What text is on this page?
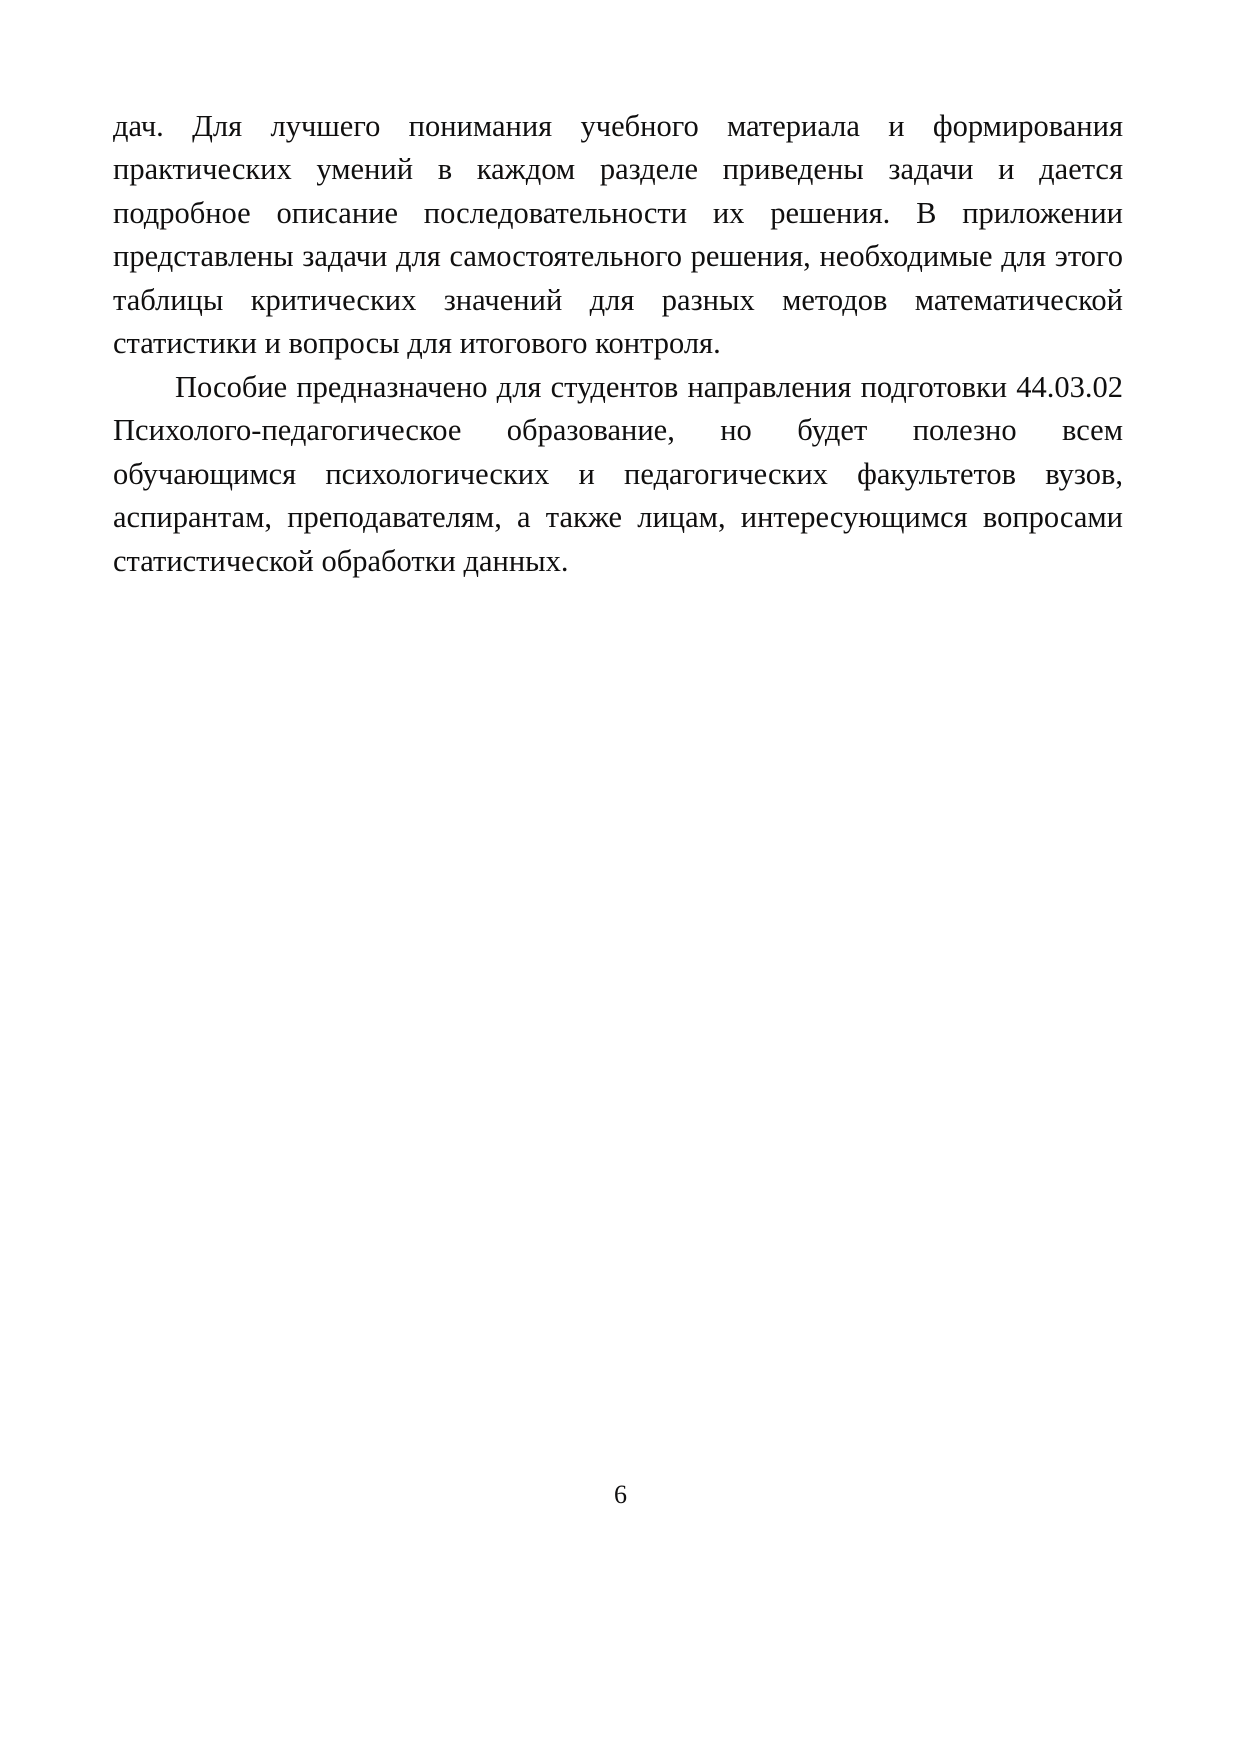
дач. Для лучшего понимания учебного материала и формирования практических умений в каждом разделе приведены задачи и дается подробное описание последовательности их решения. В приложении представлены задачи для самостоятельного решения, необходимые для этого таблицы критических значений для разных методов математической статистики и вопросы для итогового контроля.

Пособие предназначено для студентов направления подготовки 44.03.02 Психолого-педагогическое образование, но будет полезно всем обучающимся психологических и педагогических факультетов вузов, аспирантам, преподавателям, а также лицам, интересующимся вопросами статистической обработки данных.

6
